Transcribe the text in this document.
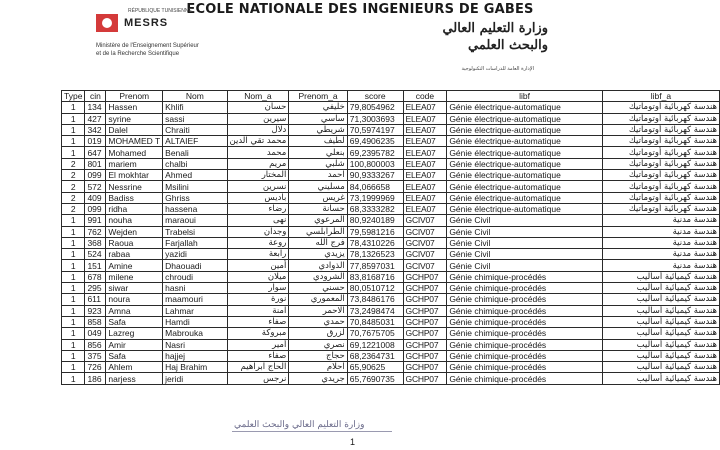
ECOLE NATIONALE DES INGENIEURS DE GABES
RÉPUBLIQUE TUNISIENNE
MESRS
Ministère de l'Enseignement Supérieur
et de la Recherche Scientifique
وزارة التعليم العالي
والبحث العلمي
الإدارة العامة للدراسات التكنولوجية
Type	cin	Prenom	Nom	Nom_a	Prenom_a	score	code	libf	libf_a
1	134	Hassen	Khlifi	حسان	خليفي	79,8054962	ELEA07	Génie électrique-automatique	هندسة كهربائية أوتوماتيك
1	427	syrine	sassi	سيرين	ساسي	71,3003693	ELEA07	Génie électrique-automatique	هندسة كهربائية أوتوماتيك
1	342	Dalel	Chraiti	دلال	شريطي	70,5974197	ELEA07	Génie électrique-automatique	هندسة كهربائية أوتوماتيك
1	019	MOHAMED T	ALTAIEF	محمد تقي الدين	لطيف	69,4906235	ELEA07	Génie électrique-automatique	هندسة كهربائية أوتوماتيك
1	647	Mohamed	Benali	محمد	بنعلي	69,2395782	ELEA07	Génie électrique-automatique	هندسة كهربائية أوتوماتيك
2	801	mariem	chalbi	مريم	شلبي	100,800003	ELEA07	Génie électrique-automatique	هندسة كهربائية أوتوماتيك
2	099	El mokhtar	Ahmed	المختار	احمد	90,9333267	ELEA07	Génie électrique-automatique	هندسة كهربائية أوتوماتيك
2	572	Nessrine	Msilini	نسرين	مسليني	84,066658	ELEA07	Génie électrique-automatique	هندسة كهربائية أوتوماتيك
2	409	Badiss	Ghriss	باديس	غريس	73,1999969	ELEA07	Génie électrique-automatique	هندسة كهربائية أوتوماتيك
2	099	ridha	hassena	رضاء	حسانة	68,3333282	ELEA07	Génie électrique-automatique	هندسة كهربائية أوتوماتيك
1	991	nouha	maraoui	نهى	المرعوي	80,9240189	GCIV07	Génie Civil	هندسة مدنية
1	762	Wejden	Trabelsi	وجدان	الطرابلسي	79,5981216	GCIV07	Génie Civil	هندسة مدنية
1	368	Raoua	Farjallah	روعة	فرج الله	78,4310226	GCIV07	Génie Civil	هندسة مدنية
1	524	rabaa	yazidi	رابعة	يزيدي	78,1326523	GCIV07	Génie Civil	هندسة مدنية
1	151	Amine	Dhaouadi	أمين	الذوادي	77,8597031	GCIV07	Génie Civil	هندسة مدنية
1	678	milene	chroudi	ميلان	الشرودي	83,8168716	GCHP07	Génie chimique-procédés	هندسة كيميائية أساليب
1	295	siwar	hasni	سوار	حسني	80,0510712	GCHP07	Génie chimique-procédés	هندسة كيميائية أساليب
1	611	noura	maamouri	نورة	المعموري	73,8486176	GCHP07	Génie chimique-procédés	هندسة كيميائية أساليب
1	923	Amna	Lahmar	امنة	الاحمر	73,2498474	GCHP07	Génie chimique-procédés	هندسة كيميائية أساليب
1	858	Safa	Hamdi	صفاء	حمدي	70,8485031	GCHP07	Génie chimique-procédés	هندسة كيميائية أساليب
1	049	Lazreg	Mabrouka	مبروكة	لزرق	70,7675705	GCHP07	Génie chimique-procédés	هندسة كيميائية أساليب
1	856	Amir	Nasri	أمير	نصري	69,1221008	GCHP07	Génie chimique-procédés	هندسة كيميائية أساليب
1	375	Safa	hajjej	صفاء	حجاج	68,2364731	GCHP07	Génie chimique-procédés	هندسة كيميائية أساليب
1	726	Ahlem	Haj Brahim	الحاج ابراهيم	احلام	65,90625	GCHP07	Génie chimique-procédés	هندسة كيميائية أساليب
1	186	narjess	jeridi	نرجس	جريدي	65,7690735	GCHP07	Génie chimique-procédés	هندسة كيميائية أساليب
وزارة التعليم العالي والبحث العلمي
1
